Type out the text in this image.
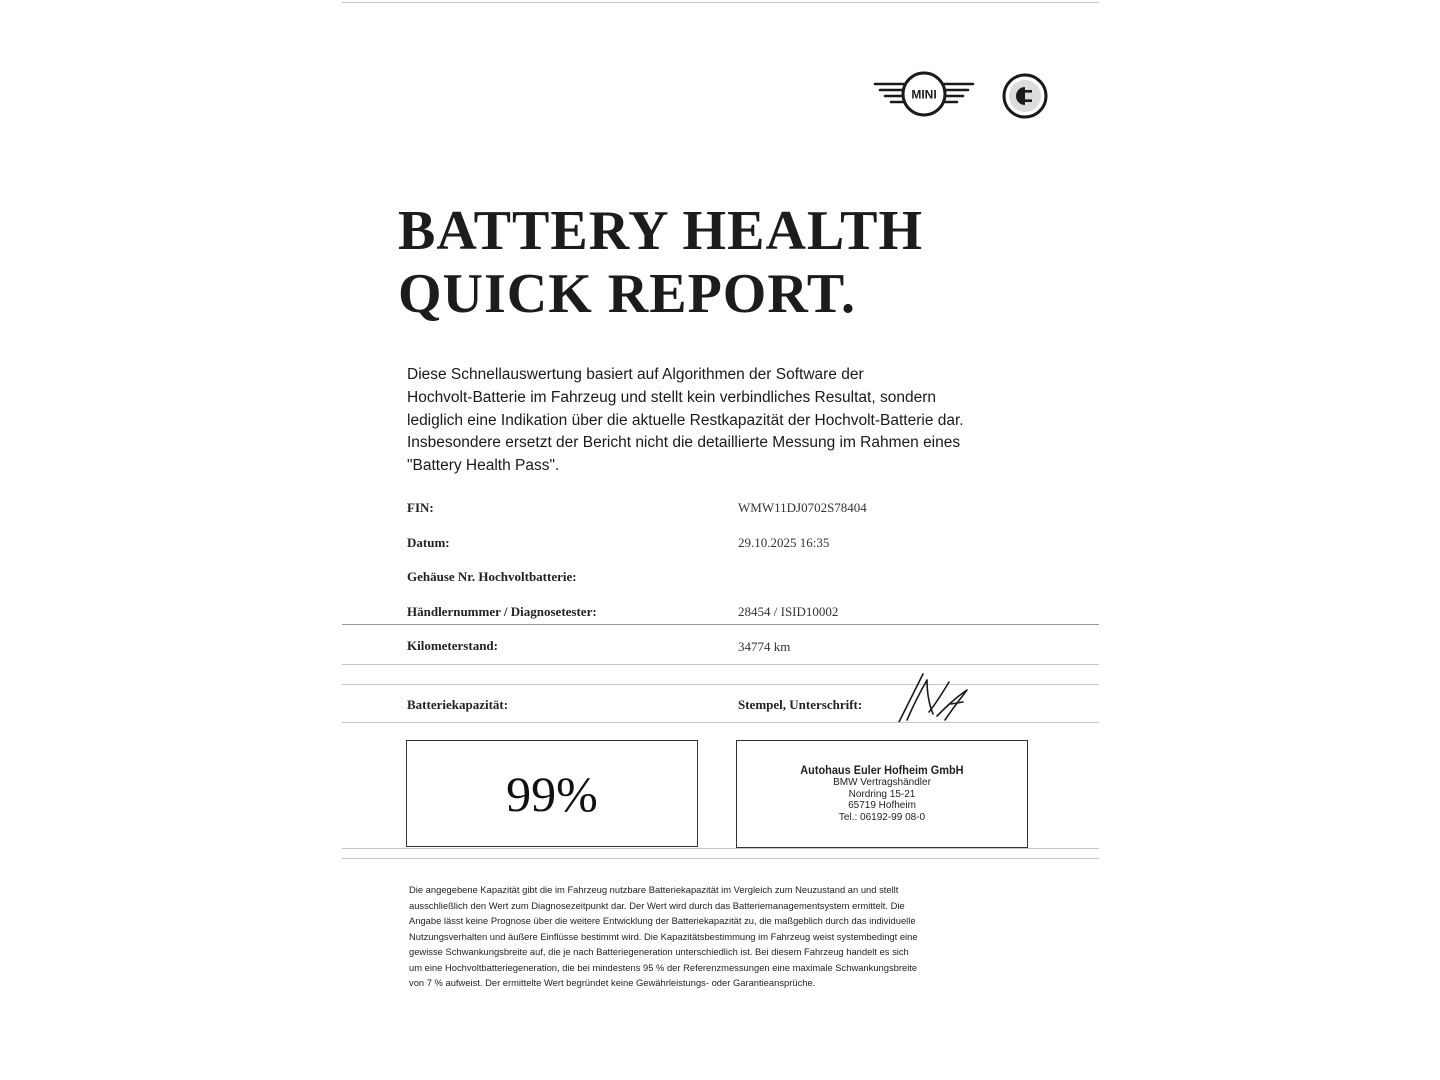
MINI
BATTERY HEALTH
QUICK REPORT.
Diese Schnellauswertung basiert auf Algorithmen der Software der
Hochvolt-Batterie im Fahrzeug und stellt kein verbindliches Resultat, sondern
lediglich eine Indikation über die aktuelle Restkapazität der Hochvolt-Batterie dar.
Insbesondere ersetzt der Bericht nicht die detaillierte Messung im Rahmen eines
"Battery Health Pass".
FIN:	WMW11DJ0702S78404
Datum:	29.10.2025 16:35
Gehäuse Nr. Hochvoltbatterie:
Händlernummer / Diagnosetester:	28454 / ISID10002
Kilometerstand:	34774 km
Batteriekapazität:	Stempel, Unterschrift:
99%	Autohaus Euler Hofheim GmbH
BMW Vertragshändler
Nordring 15-21
65719 Hofheim
Tel.: 06192-99 08-0
Die angegebene Kapazität gibt die im Fahrzeug nutzbare Batteriekapazität im Vergleich zum Neuzustand an und stellt
ausschließlich den Wert zum Diagnosezeitpunkt dar. Der Wert wird durch das Batteriemanagementsystem ermittelt. Die
Angabe lässt keine Prognose über die weitere Entwicklung der Batteriekapazität zu, die maßgeblich durch das individuelle
Nutzungsverhalten und äußere Einflüsse bestimmt wird. Die Kapazitätsbestimmung im Fahrzeug weist systembedingt eine
gewisse Schwankungsbreite auf, die je nach Batteriegeneration unterschiedlich ist. Bei diesem Fahrzeug handelt es sich
um eine Hochvoltbatteriegeneration, die bei mindestens 95 % der Referenzmessungen eine maximale Schwankungsbreite
von 7 % aufweist. Der ermittelte Wert begründet keine Gewährleistungs- oder Garantieansprüche.
